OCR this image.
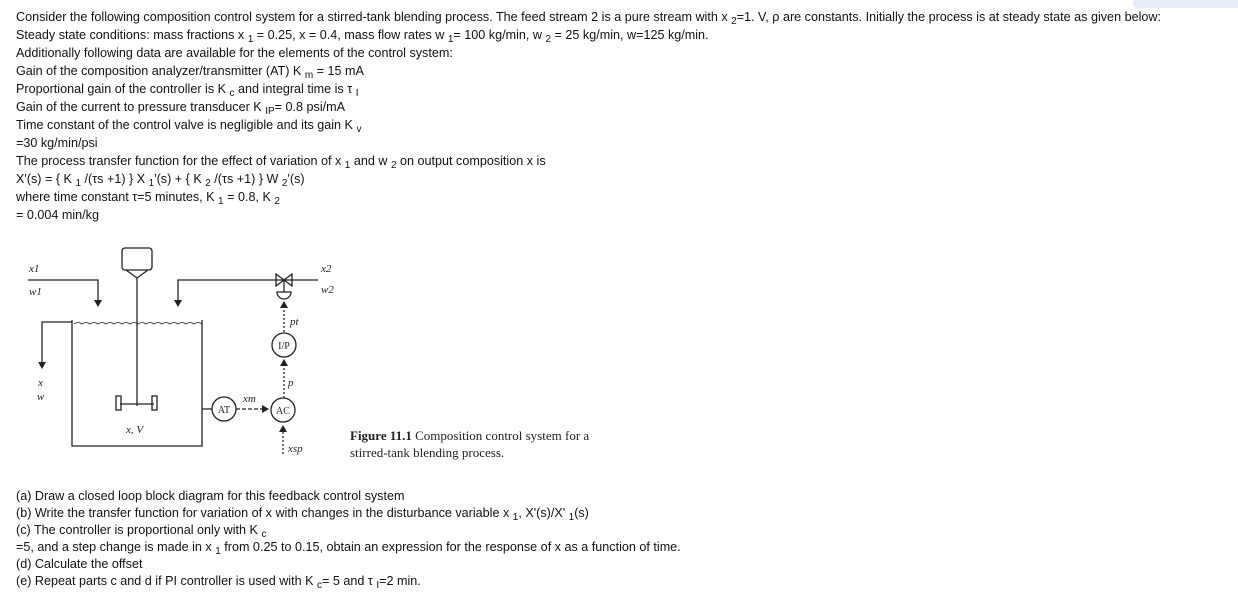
Consider the following composition control system for a stirred-tank blending process. The feed stream 2 is a pure stream with x $_2$=1. V, ρ are constants. Initially the process is at steady state as given below:
Steady state conditions: mass fractions x $_1$ = 0.25, x = 0.4, mass flow rates w $_1$= 100 kg/min, w $_2$ = 25 kg/min, w=125 kg/min.
Additionally following data are available for the elements of the control system:
Gain of the composition analyzer/transmitter (AT) K $_m$ = 15 mA
Proportional gain of the controller is K $_c$ and integral time is τ $_I$
Gain of the current to pressure transducer K $_{IP}$= 0.8 psi/mA
Time constant of the control valve is negligible and its gain K $_v$
=30 kg/min/psi
The process transfer function for the effect of variation of x $_1$ and w $_2$ on output composition x is
X'(s) = { K $_1$ /(τs +1) } X $_1$'(s) + { K $_2$ /(τs +1) } W $_2$'(s)
where time constant τ=5 minutes, K $_1$ = 0.8, K $_2$
= 0.004 min/kg
x1
w1
x2
w2
x
w
x, V
pt
p
xm
xsp
I/P
AC
AT
Figure 11.1 Composition control system for a
stirred-tank blending process.
(a) Draw a closed loop block diagram for this feedback control system
(b) Write the transfer function for variation of x with changes in the disturbance variable x $_1$, X'(s)/X' $_1$(s)
(c) The controller is proportional only with K $_c$
=5, and a step change is made in x $_1$ from 0.25 to 0.15, obtain an expression for the response of x as a function of time.
(d) Calculate the offset
(e) Repeat parts c and d if PI controller is used with K $_c$= 5 and τ $_I$=2 min.
